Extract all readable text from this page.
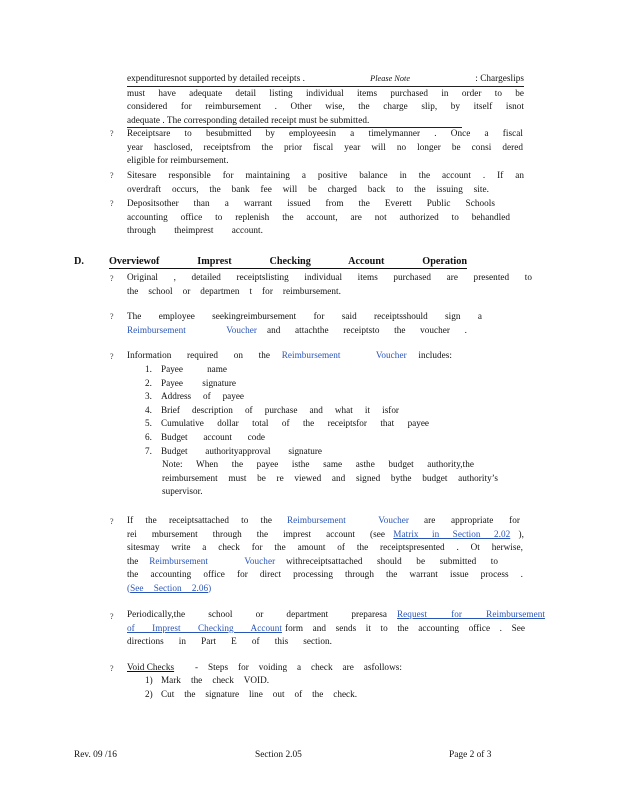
expendituresnot supported by detailed receipts .	Please Note	: Chargeslips
must have adequate detail listing individual items purchased in order to be
considered for reimbursement . Other wise, the charge slip, by itself isnot
adequate . The corresponding detailed receipt must be submitted.
? Receiptsare to besubmitted by employeesin a timelymanner . Once a fiscal
year hasclosed, receiptsfrom the prior fiscal year will no longer be consi dered
eligible for reimbursement.
? Sitesare responsible for maintaining a positive balance in the account . If an
overdraft occurs, the bank fee will be charged back to the issuing site.
? Depositsother than a warrant issued from the Everett Public Schools
accounting office to replenish the account, are not authorized to behandled
through theimprest account.
D. Overviewof Imprest Checking Account Operation
? Original , detailed receiptslisting individual items purchased are presented to
the school or departmen t for reimbursement.
? The employee seekingreimbursement for said receiptsshould sign a
Reimbursement Voucher and attachthe receiptsto the voucher .
? Information required on the Reimbursement Voucher includes:
1. Payee name
2. Payee signature
3. Address of payee
4. Brief description of purchase and what it isfor
5. Cumulative dollar total of the receiptsfor that payee
6. Budget account code
7. Budget authorityapproval signature
Note: When the payee isthe same asthe budget authority,the
reimbursement must be re viewed and signed bythe budget authority’s
supervisor.
? If the receiptsattached to the Reimbursement Voucher are appropriate for
rei mbursement through the imprest account (see Matrix in Section 2.02 ),
sitesmay write a check for the amount of the receiptspresented . Ot herwise,
the Reimbursement Voucher withreceiptsattached should be submitted to
the accounting office for direct processing through the warrant issue process .
(See Section 2.06)
? Periodically,the school or department preparesa Request for Reimbursement
of Imprest Checking Account form and sends it to the accounting office . See
directions in Part E of this section.
? Void Checks - Steps for voiding a check are asfollows:
1) Mark the check VOID.
2) Cut the signature line out of the check.
Rev. 09 /16	Section 2.05	Page 2 of 3
